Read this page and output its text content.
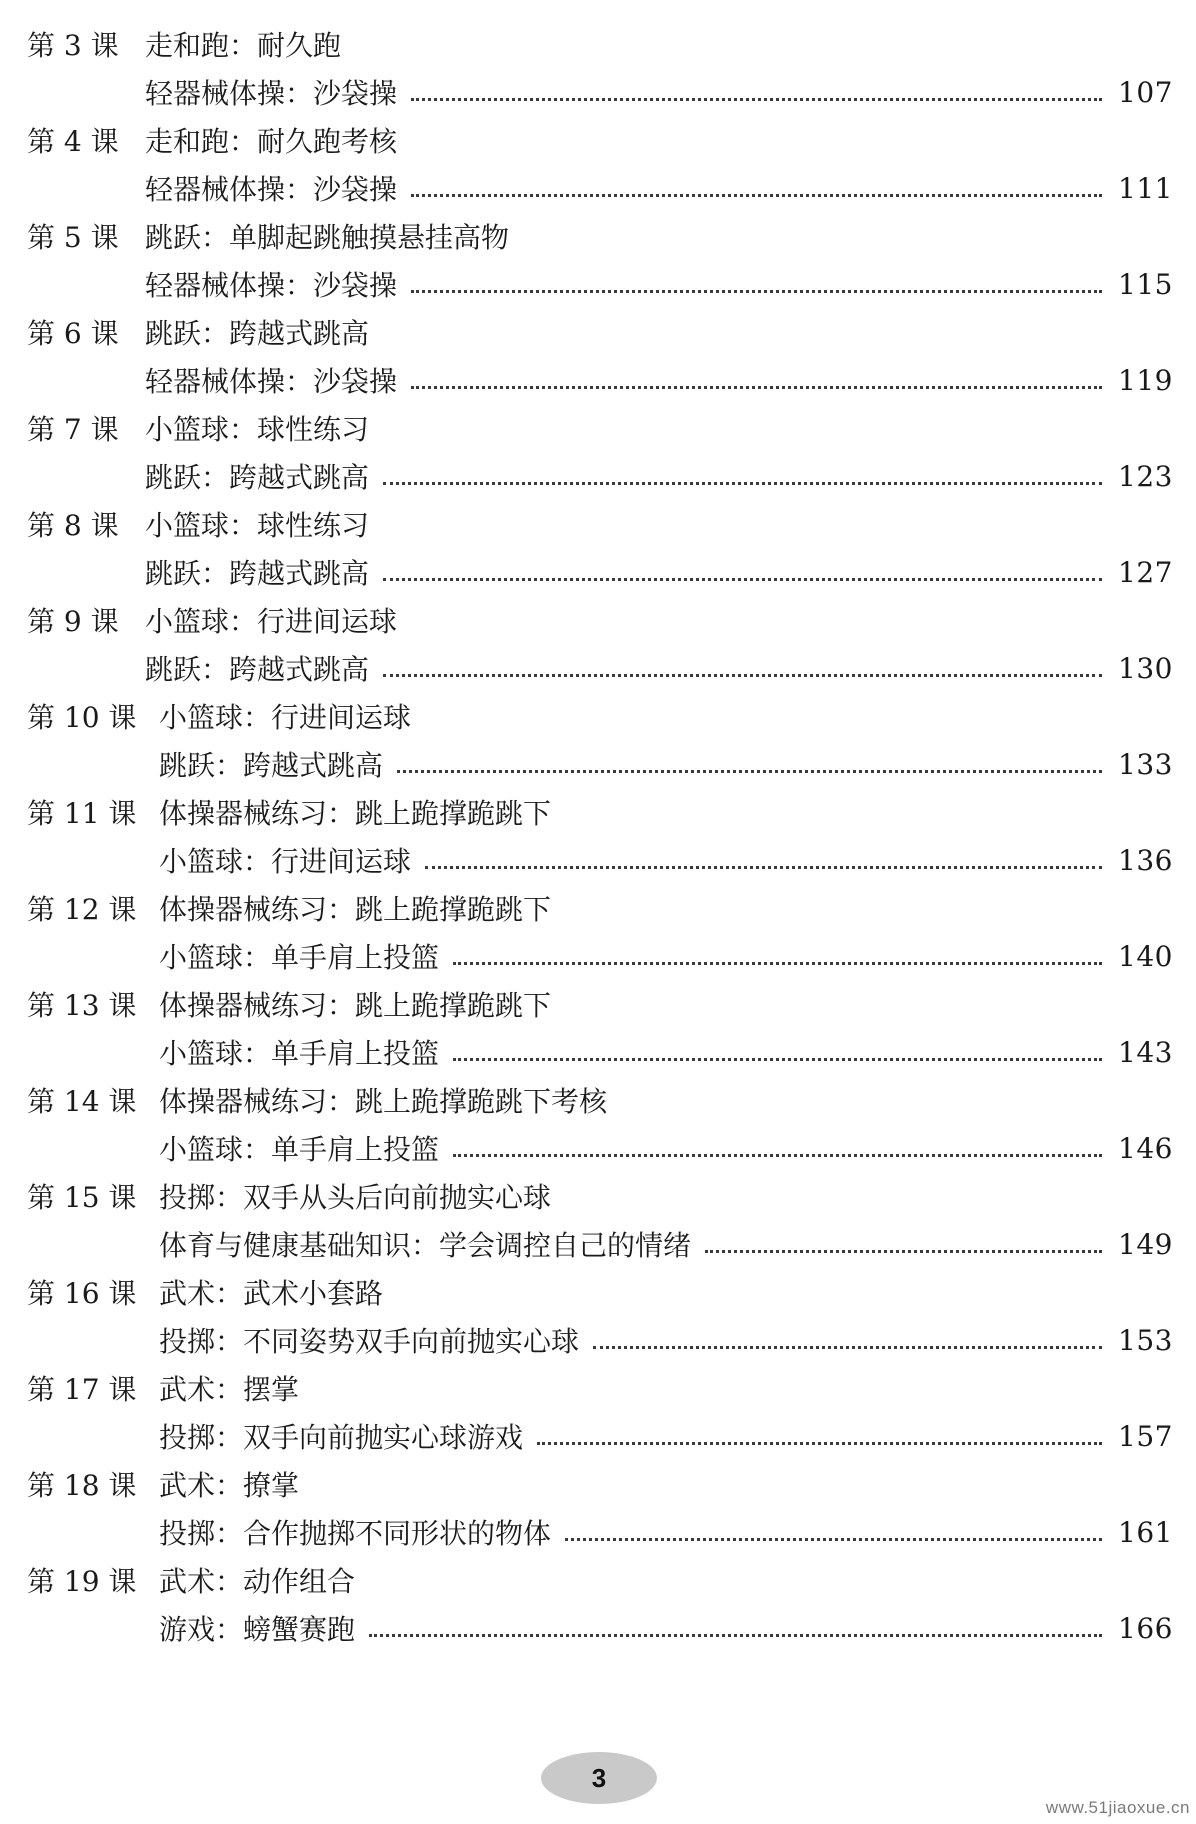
第 3 课 走和跑：耐久跑
轻器械体操：沙袋操	107
第 4 课 走和跑：耐久跑考核
轻器械体操：沙袋操	111
第 5 课 跳跃：单脚起跳触摸悬挂高物
轻器械体操：沙袋操	115
第 6 课 跳跃：跨越式跳高
轻器械体操：沙袋操	119
第 7 课 小篮球：球性练习
跳跃：跨越式跳高	123
第 8 课 小篮球：球性练习
跳跃：跨越式跳高	127
第 9 课 小篮球：行进间运球
跳跃：跨越式跳高	130
第 10 课 小篮球：行进间运球
跳跃：跨越式跳高	133
第 11 课 体操器械练习：跳上跪撑跪跳下
小篮球：行进间运球	136
第 12 课 体操器械练习：跳上跪撑跪跳下
小篮球：单手肩上投篮	140
第 13 课 体操器械练习：跳上跪撑跪跳下
小篮球：单手肩上投篮	143
第 14 课 体操器械练习：跳上跪撑跪跳下考核
小篮球：单手肩上投篮	146
第 15 课 投掷：双手从头后向前抛实心球
体育与健康基础知识：学会调控自己的情绪	149
第 16 课 武术：武术小套路
投掷：不同姿势双手向前抛实心球	153
第 17 课 武术：摆掌
投掷：双手向前抛实心球游戏	157
第 18 课 武术：撩掌
投掷：合作抛掷不同形状的物体	161
第 19 课 武术：动作组合
游戏：螃蟹赛跑	166
3
www.51jiaoxue.cn
